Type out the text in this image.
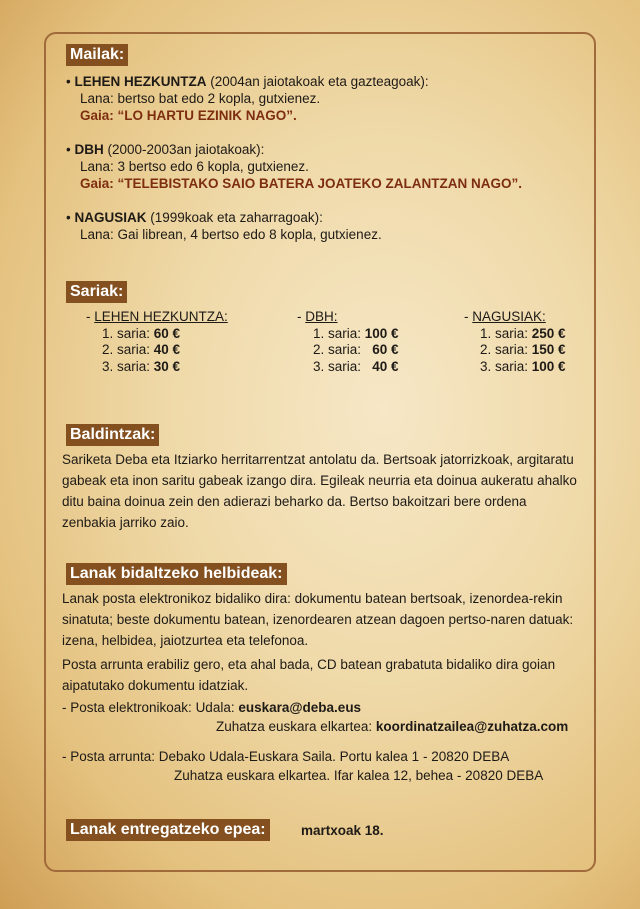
Mailak:
• LEHEN HEZKUNTZA (2004an jaiotakoak eta gazteagoak):
Lana: bertso bat edo 2 kopla, gutxienez.
Gaia: “LO HARTU EZINIK NAGO”.
• DBH (2000-2003an jaiotakoak):
Lana: 3 bertso edo 6 kopla, gutxienez.
Gaia: “TELEBISTAKO SAIO BATERA JOATEKO ZALANTZAN NAGO”.
• NAGUSIAK (1999koak eta zaharragoak):
Lana: Gai librean, 4 bertso edo 8 kopla, gutxienez.
Sariak:
- LEHEN HEZKUNTZA:
1. saria: 60 €
2. saria: 40 €
3. saria: 30 €
- DBH:
1. saria: 100 €
2. saria:   60 €
3. saria:   40 €
- NAGUSIAK:
1. saria: 250 €
2. saria: 150 €
3. saria: 100 €
Baldintzak:
Sariketa Deba eta Itziarko herritarrentzat antolatu da. Bertsoak jatorrizkoak, argitaratu gabeak eta inon saritu gabeak izango dira. Egileak neurria eta doinua aukeratu ahalko ditu baina doinua zein den adierazi beharko da. Bertso bakoitzari bere ordena zenbakia jarriko zaio.
Lanak bidaltzeko helbideak:
Lanak posta elektronikoz bidaliko dira: dokumentu batean bertsoak, izenordea-rekin sinatuta; beste dokumentu batean, izenordearen atzean dagoen pertso-naren datuak: izena, helbidea, jaiotzurtea eta telefonoa.
Posta arrunta erabiliz gero, eta ahal bada, CD batean grabatuta bidaliko dira goian aipatutako dokumentu idatziak.
- Posta elektronikoak: Udala: euskara@deba.eus
Zuhatza euskara elkartea: koordinatzailea@zuhatza.com
- Posta arrunta: Debako Udala-Euskara Saila. Portu kalea 1 - 20820 DEBA
Zuhatza euskara elkartea. Ifar kalea 12, behea - 20820 DEBA
Lanak entregatzeko epea:	martxoak 18.
